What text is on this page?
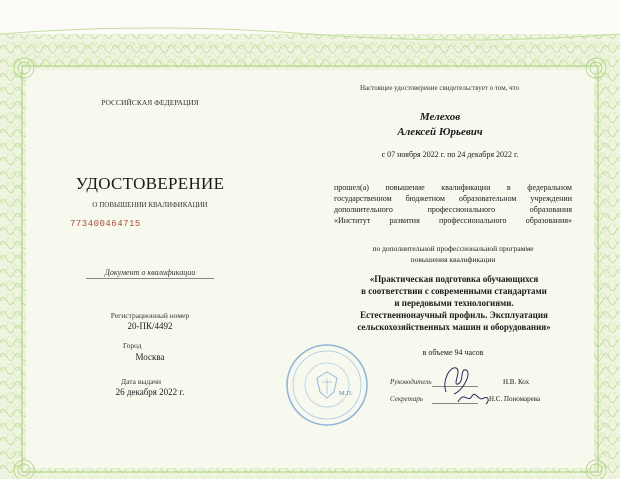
РОССИЙСКАЯ ФЕДЕРАЦИЯ
УДОСТОВЕРЕНИЕ
О ПОВЫШЕНИИ КВАЛИФИКАЦИИ
773400464715
Документ о квалификации
Регистрационный номер
20-ПК/4492
Город
Москва
Дата выдачи
26 декабря 2022 г.
Настоящее удостоверение свидетельствует о том, что
Мелехов
Алексей Юрьевич
с 07 ноября 2022 г. по 24 декабря 2022 г.
прошел(а) повышение квалификации в федеральном
государственном бюджетном образовательном учреждении
дополнительного профессионального образования
«Институт развития профессионального образования»
по дополнительной профессиональной программе
повышения квалификации
«Практическая подготовка обучающихся
в соответствии с современными стандартами
и передовыми технологиями.
Естественнонаучный профиль. Эксплуатация
сельскохозяйственных машин и оборудования»
в объеме 94 часов
М.П.
Руководитель	Н.В. Кох
Секретарь	Н.С. Пономарева
